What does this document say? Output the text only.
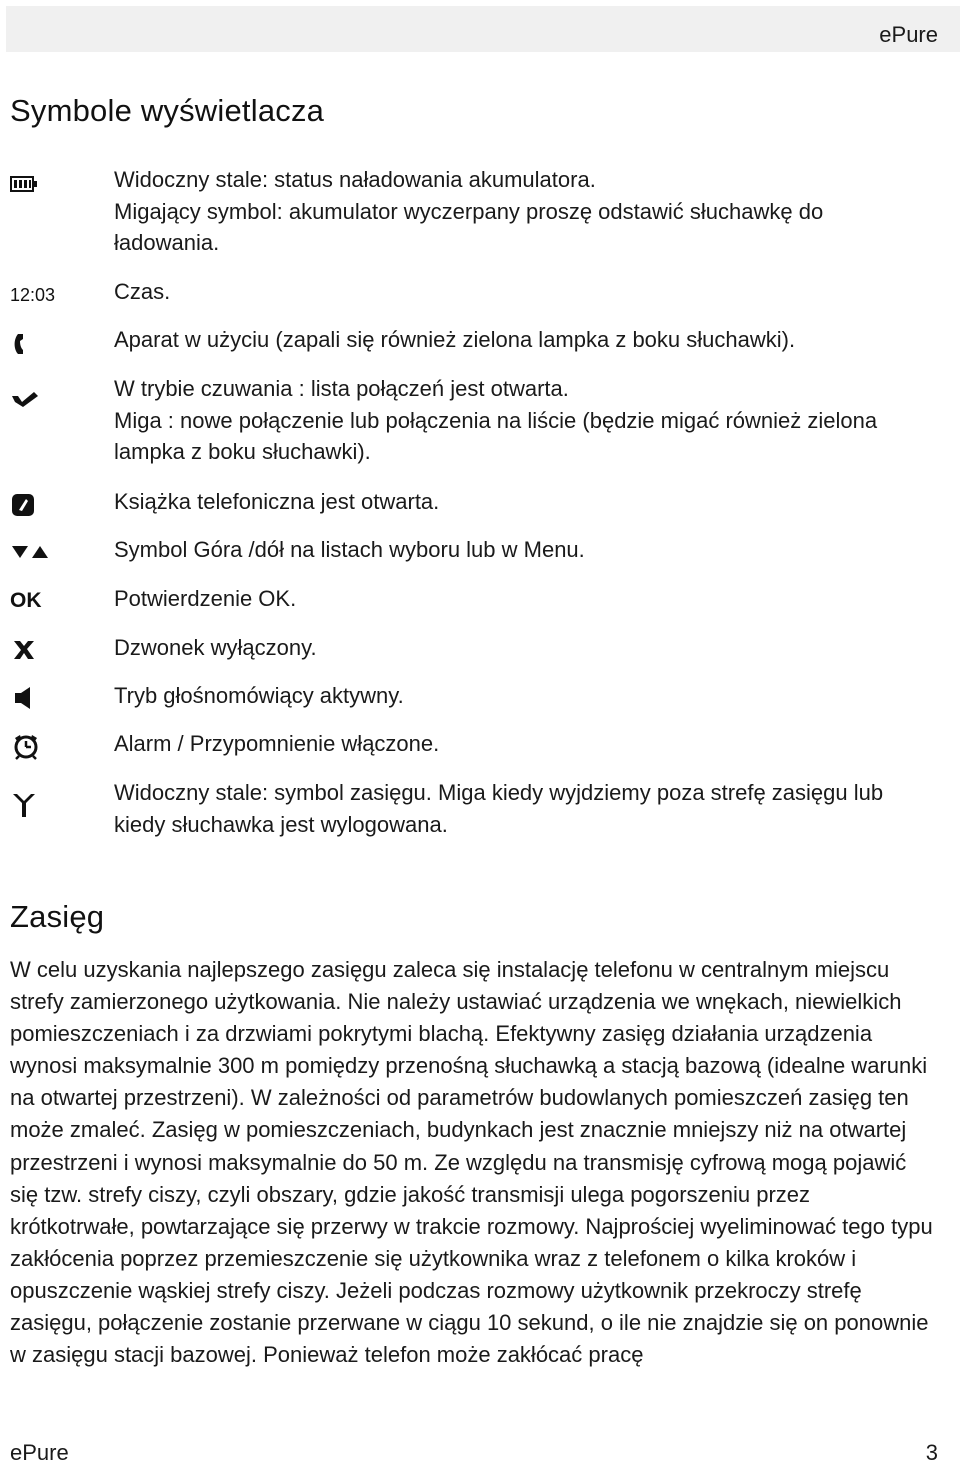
ePure
Symbole wyświetlacza

Widoczny stale: status naładowania akumulatora.
Migający symbol: akumulator wyczerpany proszę odstawić słuchawkę do ładowania.

12:03	Czas.

Aparat w użyciu (zapali się również zielona lampka z boku słuchawki).

W trybie czuwania : lista połączeń jest otwarta.
Miga : nowe połączenie lub połączenia na liście (będzie migać również zielona lampka z boku słuchawki).

Książka telefoniczna jest otwarta.

Symbol Góra /dół na listach wyboru lub w Menu.

OK	Potwierdzenie OK.

Dzwonek wyłączony.

Tryb głośnomówiący aktywny.

Alarm / Przypomnienie włączone.

Widoczny stale: symbol zasięgu. Miga kiedy wyjdziemy poza strefę zasięgu lub kiedy słuchawka jest wylogowana.

Zasięg

W celu uzyskania najlepszego zasięgu zaleca się instalację telefonu w centralnym miejscu strefy zamierzonego użytkowania. Nie należy ustawiać urządzenia we wnękach, niewielkich pomieszczeniach i za drzwiami pokrytymi blachą. Efektywny zasięg działania urządzenia wynosi maksymalnie 300 m pomiędzy przenośną słuchawką a stacją bazową (idealne warunki na otwartej przestrzeni). W zależności od parametrów budowlanych pomieszczeń zasięg ten może zmaleć. Zasięg w pomieszczeniach, budynkach jest znacznie mniejszy niż na otwartej przestrzeni i wynosi maksymalnie do 50 m. Ze względu na transmisję cyfrową mogą pojawić się tzw. strefy ciszy, czyli obszary, gdzie jakość transmisji ulega pogorszeniu przez krótkotrwałe, powtarzające się przerwy w trakcie rozmowy. Najprościej wyeliminować tego typu zakłócenia poprzez przemieszczenie się użytkownika wraz z telefonem o kilka kroków i opuszczenie wąskiej strefy ciszy. Jeżeli podczas rozmowy użytkownik przekroczy strefę zasięgu, połączenie zostanie przerwane w ciągu 10 sekund, o ile nie znajdzie się on ponownie w zasięgu stacji bazowej. Ponieważ telefon może zakłócać pracę

ePure	3
